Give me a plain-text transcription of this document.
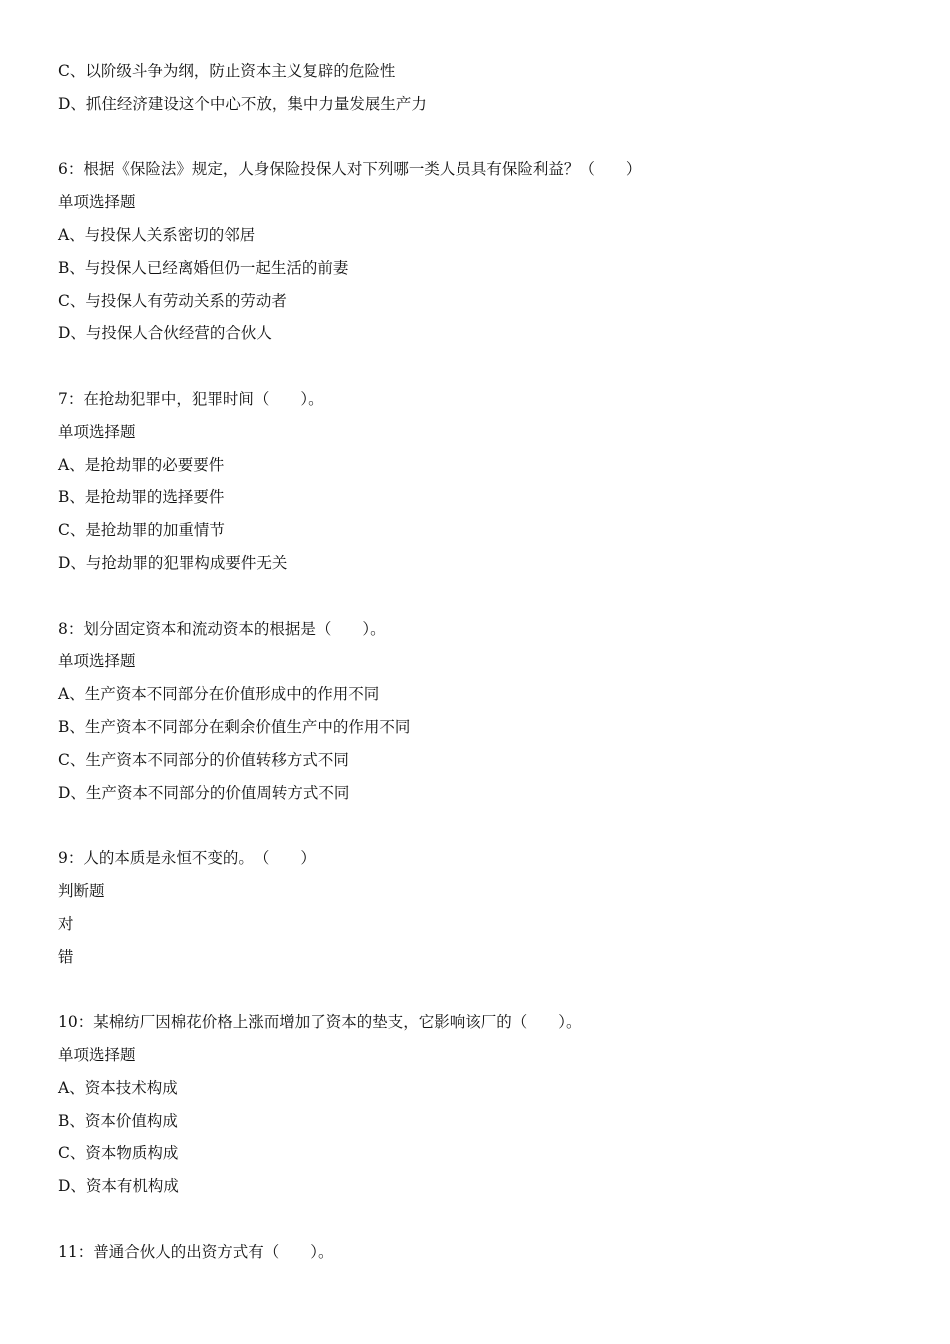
C、以阶级斗争为纲，防止资本主义复辟的危险性
D、抓住经济建设这个中心不放，集中力量发展生产力
6：根据《保险法》规定，人身保险投保人对下列哪一类人员具有保险利益？（　　）
单项选择题
A、与投保人关系密切的邻居
B、与投保人已经离婚但仍一起生活的前妻
C、与投保人有劳动关系的劳动者
D、与投保人合伙经营的合伙人
7：在抢劫犯罪中，犯罪时间（　　）。
单项选择题
A、是抢劫罪的必要要件
B、是抢劫罪的选择要件
C、是抢劫罪的加重情节
D、与抢劫罪的犯罪构成要件无关
8：划分固定资本和流动资本的根据是（　　）。
单项选择题
A、生产资本不同部分在价值形成中的作用不同
B、生产资本不同部分在剩余价值生产中的作用不同
C、生产资本不同部分的价值转移方式不同
D、生产资本不同部分的价值周转方式不同
9：人的本质是永恒不变的。　（　　）
判断题
对
错
10：某棉纺厂因棉花价格上涨而增加了资本的垫支，它影响该厂的（　　）。
单项选择题
A、资本技术构成
B、资本价值构成
C、资本物质构成
D、资本有机构成
11：普通合伙人的出资方式有（　　）。
